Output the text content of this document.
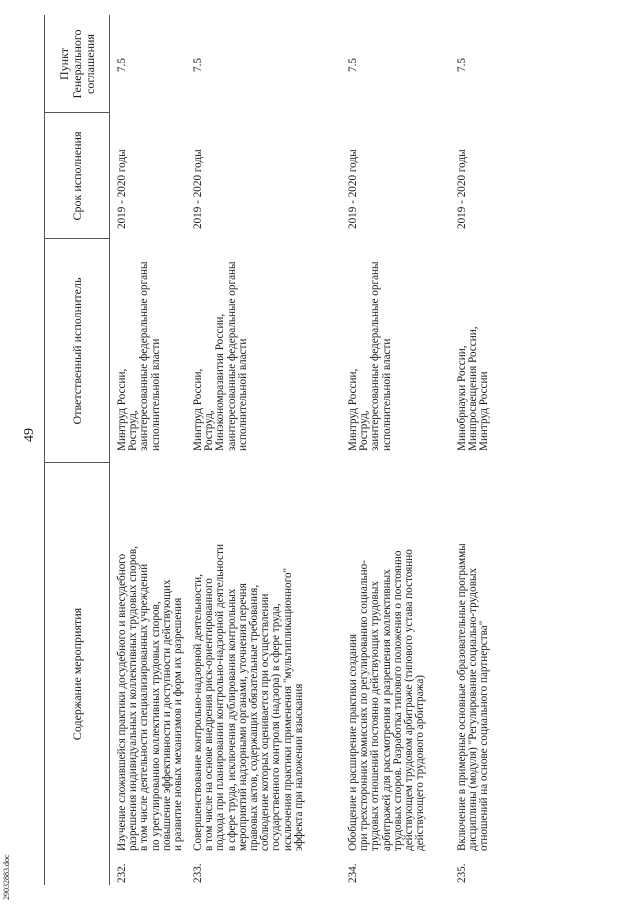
49
Содержание мероприятия
Ответственный исполнитель
Срок исполнения
Пункт
Генерального
соглашения
232.
Изучение сложившейся практики досудебного и внесудебного
разрешения индивидуальных и коллективных трудовых споров,
в том числе деятельности специализированных учреждений
по урегулированию коллективных трудовых споров,
повышение эффективности и доступности действующих
и развитие новых механизмов и форм их разрешения
Минтруд России,
Роструд,
заинтересованные федеральные органы
исполнительной власти
2019 - 2020 годы
7.5
233.
Совершенствование контрольно-надзорной деятельности,
в том числе на основе внедрения риск-ориентированного
подхода при планировании контрольно-надзорной деятельности
в сфере труда, исключения дублирования контрольных
мероприятий надзорными органами, уточнения перечня
правовых актов, содержащих обязательные требования,
соблюдение которых оценивается при осуществлении
государственного контроля (надзора) в сфере труда,
исключения практики применения "мультипликационного"
эффекта при наложении взыскания
Минтруд России,
Роструд,
Минэкономразвития России,
заинтересованные федеральные органы
исполнительной власти
2019 - 2020 годы
7.5
234.
Обобщение и расширение практики создания
при трехсторонних комиссиях по регулированию социально-
трудовых отношений постоянно действующих трудовых
арбитражей для рассмотрения и разрешения коллективных
трудовых споров. Разработка типового положения о постоянно
действующем трудовом арбитраже (типового устава постоянно
действующего трудового арбитража)
Минтруд России,
Роструд,
заинтересованные федеральные органы
исполнительной власти
2019 - 2020 годы
7.5
235.
Включение в примерные основные образовательные программы
дисциплины (модуля) "Регулирование социально-трудовых
отношений на основе социального партнерства"
Минобрнауки России,
Минпросвещения России,
Минтруд России
2019 - 2020 годы
7.5
29032883.doc
